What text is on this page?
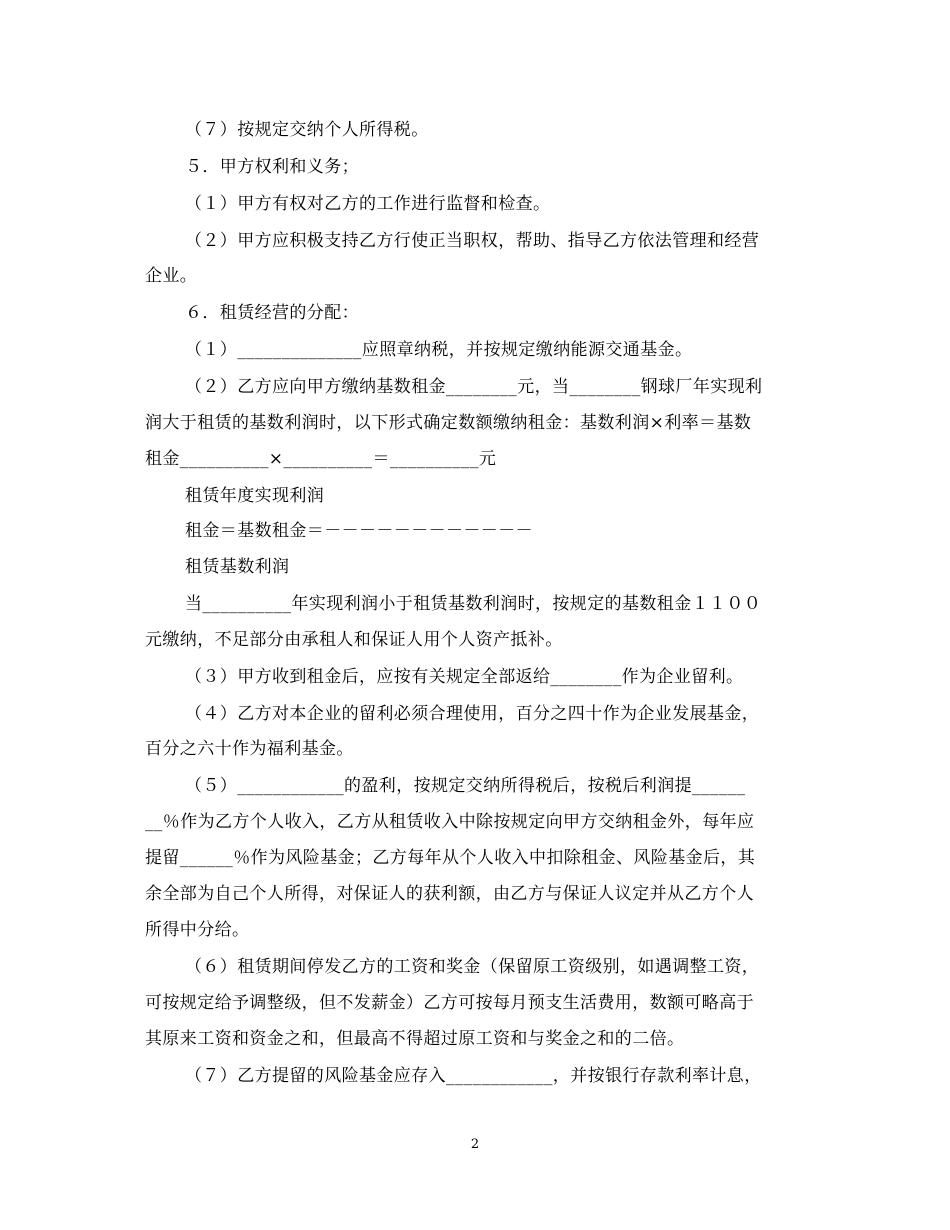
（７）按规定交纳个人所得税。
５．甲方权利和义务；
（１）甲方有权对乙方的工作进行监督和检查。
（２）甲方应积极支持乙方行使正当职权，帮助、指导乙方依法管理和经营
企业。
６．租赁经营的分配：
（１）______________应照章纳税，并按规定缴纳能源交通基金。
（２）乙方应向甲方缴纳基数租金________元，当________钢球厂年实现利
润大于租赁的基数利润时，以下形式确定数额缴纳租金：基数利润×利率＝基数
租金__________×__________＝__________元
租赁年度实现利润
租金＝基数租金＝－－－－－－－－－－－－
租赁基数利润
当__________年实现利润小于租赁基数利润时，按规定的基数租金１１００
元缴纳，不足部分由承租人和保证人用个人资产抵补。
（３）甲方收到租金后，应按有关规定全部返给________作为企业留利。
（４）乙方对本企业的留利必须合理使用，百分之四十作为企业发展基金，
百分之六十作为福利基金。
（５）____________的盈利，按规定交纳所得税后，按税后利润提______
__％作为乙方个人收入，乙方从租赁收入中除按规定向甲方交纳租金外，每年应
提留______％作为风险基金；乙方每年从个人收入中扣除租金、风险基金后，其
余全部为自己个人所得，对保证人的获利额，由乙方与保证人议定并从乙方个人
所得中分给。
（６）租赁期间停发乙方的工资和奖金（保留原工资级别，如遇调整工资，
可按规定给予调整级，但不发薪金）乙方可按每月预支生活费用，数额可略高于
其原来工资和资金之和，但最高不得超过原工资和与奖金之和的二倍。
（７）乙方提留的风险基金应存入____________，并按银行存款利率计息，
2
